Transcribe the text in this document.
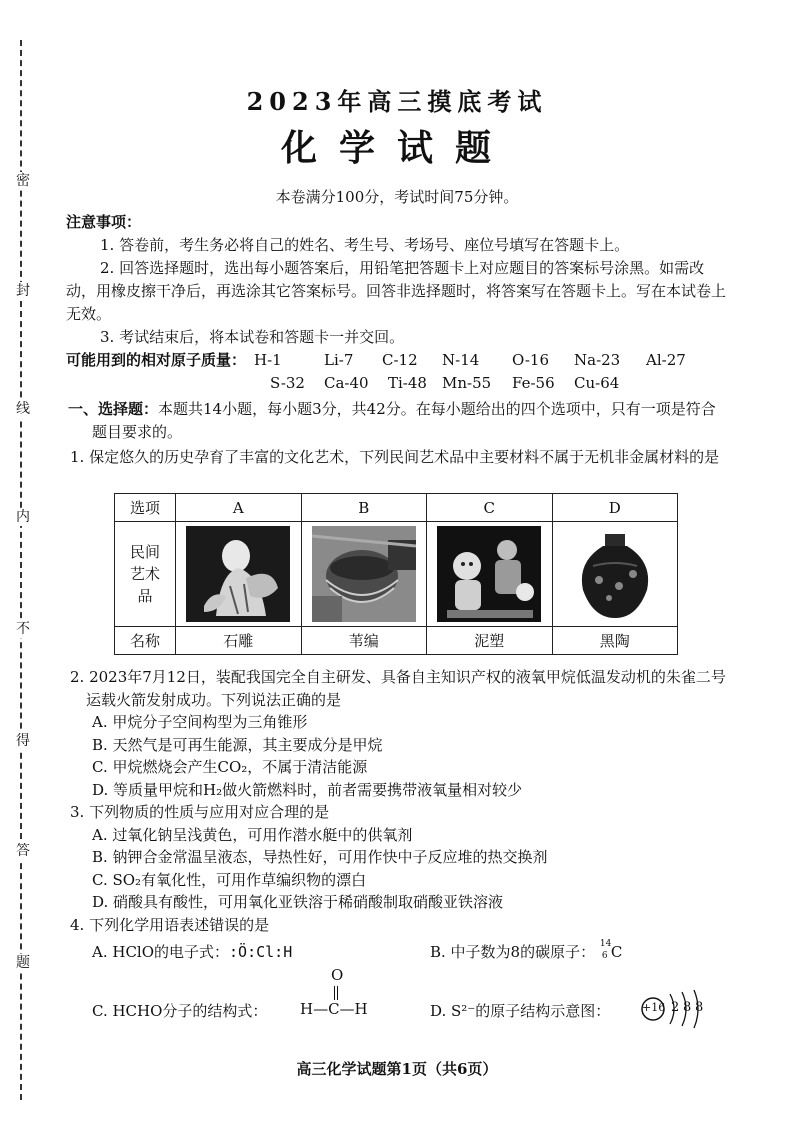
密
封
线
内
不
得
答
题
2023年高三摸底考试
化学试题
本卷满分100分，考试时间75分钟。
注意事项：
1. 答卷前，考生务必将自己的姓名、考生号、考场号、座位号填写在答题卡上。
2. 回答选择题时，选出每小题答案后，用铅笔把答题卡上对应题目的答案标号涂黑。如需改动，用橡皮擦干净后，再选涂其它答案标号。回答非选择题时，将答案写在答题卡上。写在本试卷上无效。
3. 考试结束后，将本试卷和答题卡一并交回。
可能用到的相对原子质量： H-1	Li-7 C-12 N-14 O-16 Na-23 Al-27
S-32 Ca-40 Ti-48 Mn-55 Fe-56 Cu-64
一、选择题：本题共14小题，每小题3分，共42分。在每小题给出的四个选项中，只有一项是符合题目要求的。
1. 保定悠久的历史孕育了丰富的文化艺术，下列民间艺术品中主要材料不属于无机非金属材料的是
选项	A	B	C	D
民间艺术品	

名称	石雕	苇编	泥塑	黑陶
2. 2023年7月12日，装配我国完全自主研发、具备自主知识产权的液氧甲烷低温发动机的朱雀二号运载火箭发射成功。下列说法正确的是
A. 甲烷分子空间构型为三角锥形
B. 天然气是可再生能源，其主要成分是甲烷
C. 甲烷燃烧会产生CO₂，不属于清洁能源
D. 等质量甲烷和H₂做火箭燃料时，前者需要携带液氧量相对较少
3. 下列物质的性质与应用对应合理的是
A. 过氧化钠呈浅黄色，可用作潜水艇中的供氧剂
B. 钠钾合金常温呈液态，导热性好，可用作快中子反应堆的热交换剂
C. SO₂有氧化性，可用作草编织物的漂白
D. 硝酸具有酸性，可用氧化亚铁溶于稀硝酸制取硝酸亚铁溶液
4. 下列化学用语表述错误的是
A. HClO的电子式：:Ö:Cl:H	B. 中子数为8的碳原子： 14
6 C
C. HCHO分子的结构式：
O
H—C—H	D. S²⁻的原子结构示意图：	+16 2 8 8
高三化学试题第1页（共6页）
